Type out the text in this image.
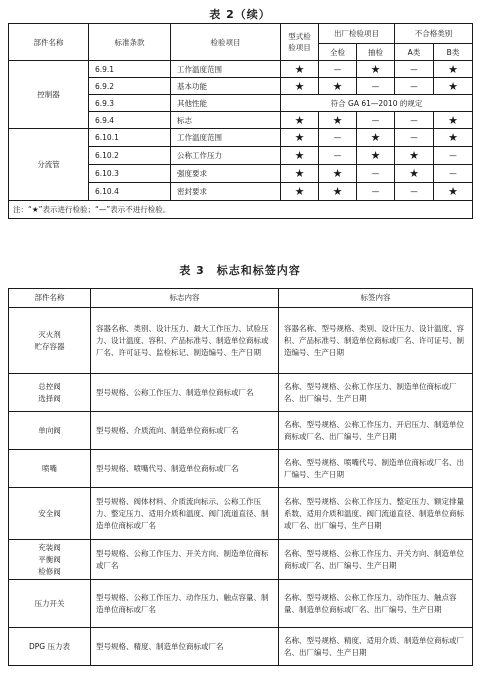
表 2（续）
部件名称	标准条款	检验项目	型式检验项目	出厂检验项目		不合格类别	
				全检	抽检	A类	B类
控制器	6.9.1	工作温度范围	★	—	★	—	★
	6.9.2	基本功能	★	★	—	—	★
	6.9.3	其他性能	符合 GA 61—2010 的规定				
	6.9.4	标志	★	★	—	—	★
分流管	6.10.1	工作温度范围	★	—	★	—	★
	6.10.2	公称工作压力	★	—	★	★	—
	6.10.3	强度要求	★	★	—	★	—
	6.10.4	密封要求	★	★	—	—	★
注：“★”表示进行检验；“—”表示不进行检验。							
表 3　标志和标签内容
部件名称	标志内容	标签内容
灭火剂
贮存容器	容器名称、类别、设计压力、最大工作压力、试验压力、设计温度、容积、产品标准号、制造单位商标或厂名、许可证号、监检标记、制造编号、生产日期	容器名称、型号规格、类别、设计压力、设计温度、容积、产品标准号、制造单位商标或厂名、许可证号、制造编号、生产日期
总控阀
选择阀	型号规格、公称工作压力、制造单位商标或厂名	名称、型号规格、公称工作压力、制造单位商标或厂名、出厂编号、生产日期
单向阀	型号规格、介质流向、制造单位商标或厂名	名称、型号规格、公称工作压力、开启压力、制造单位商标或厂名、出厂编号、生产日期
喷嘴	型号规格、喷嘴代号、制造单位商标或厂名	名称、型号规格、喷嘴代号、制造单位商标或厂名、出厂编号、生产日期
安全阀	型号规格、阀体材料、介质流向标示、公称工作压力、整定压力、适用介质和温度、阀门流道直径、制造单位商标或厂名	名称、型号规格、公称工作压力、整定压力、额定排量系数、适用介质和温度、阀门流道直径、制造单位商标或厂名、出厂编号、生产日期
充装阀
平衡阀
检修阀	型号规格、公称工作压力、开关方向、制造单位商标或厂名	名称、型号规格、公称工作压力、开关方向、制造单位商标或厂名、出厂编号、生产日期
压力开关	型号规格、公称工作压力、动作压力、触点容量、制造单位商标或厂名	名称、型号规格、公称工作压力、动作压力、触点容量、制造单位商标或厂名、出厂编号、生产日期
DPG 压力表	型号规格、精度、制造单位商标或厂名	名称、型号规格、精度、适用介质、制造单位商标或厂名、出厂编号、生产日期
